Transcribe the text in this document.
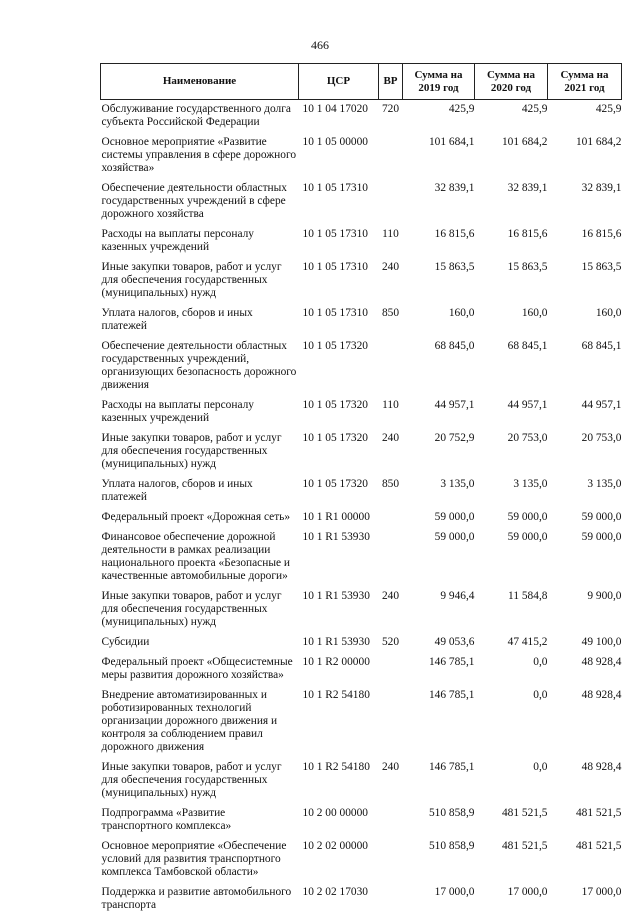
466
Наименование	ЦСР	ВР	Сумма на 2019 год	Сумма на 2020 год	Сумма на 2021 год
Обслуживание государственного долга субъекта Российской Федерации	10 1 04 17020	720	425,9	425,9	425,9
Основное мероприятие «Развитие системы управления в сфере дорожного хозяйства»	10 1 05 00000		101 684,1	101 684,2	101 684,2
Обеспечение деятельности областных государственных учреждений в сфере дорожного хозяйства	10 1 05 17310		32 839,1	32 839,1	32 839,1
Расходы на выплаты персоналу казенных учреждений	10 1 05 17310	110	16 815,6	16 815,6	16 815,6
Иные закупки товаров, работ и услуг для обеспечения государственных (муниципальных) нужд	10 1 05 17310	240	15 863,5	15 863,5	15 863,5
Уплата налогов, сборов и иных платежей	10 1 05 17310	850	160,0	160,0	160,0
Обеспечение деятельности областных государственных учреждений, организующих безопасность дорожного движения	10 1 05 17320		68 845,0	68 845,1	68 845,1
Расходы на выплаты персоналу казенных учреждений	10 1 05 17320	110	44 957,1	44 957,1	44 957,1
Иные закупки товаров, работ и услуг для обеспечения государственных (муниципальных) нужд	10 1 05 17320	240	20 752,9	20 753,0	20 753,0
Уплата налогов, сборов и иных платежей	10 1 05 17320	850	3 135,0	3 135,0	3 135,0
Федеральный проект «Дорожная сеть»	10 1 R1 00000		59 000,0	59 000,0	59 000,0
Финансовое обеспечение дорожной деятельности в рамках реализации национального проекта «Безопасные и качественные автомобильные дороги»	10 1 R1 53930		59 000,0	59 000,0	59 000,0
Иные закупки товаров, работ и услуг для обеспечения государственных (муниципальных) нужд	10 1 R1 53930	240	9 946,4	11 584,8	9 900,0
Субсидии	10 1 R1 53930	520	49 053,6	47 415,2	49 100,0
Федеральный проект «Общесистемные меры развития дорожного хозяйства»	10 1 R2 00000		146 785,1	0,0	48 928,4
Внедрение автоматизированных и роботизированных технологий организации дорожного движения и контроля за соблюдением правил дорожного движения	10 1 R2 54180		146 785,1	0,0	48 928,4
Иные закупки товаров, работ и услуг для обеспечения государственных (муниципальных) нужд	10 1 R2 54180	240	146 785,1	0,0	48 928,4
Подпрограмма «Развитие транспортного комплекса»	10 2 00 00000		510 858,9	481 521,5	481 521,5
Основное мероприятие «Обеспечение условий для развития транспортного комплекса Тамбовской области»	10 2 02 00000		510 858,9	481 521,5	481 521,5
Поддержка и развитие автомобильного транспорта	10 2 02 17030		17 000,0	17 000,0	17 000,0
